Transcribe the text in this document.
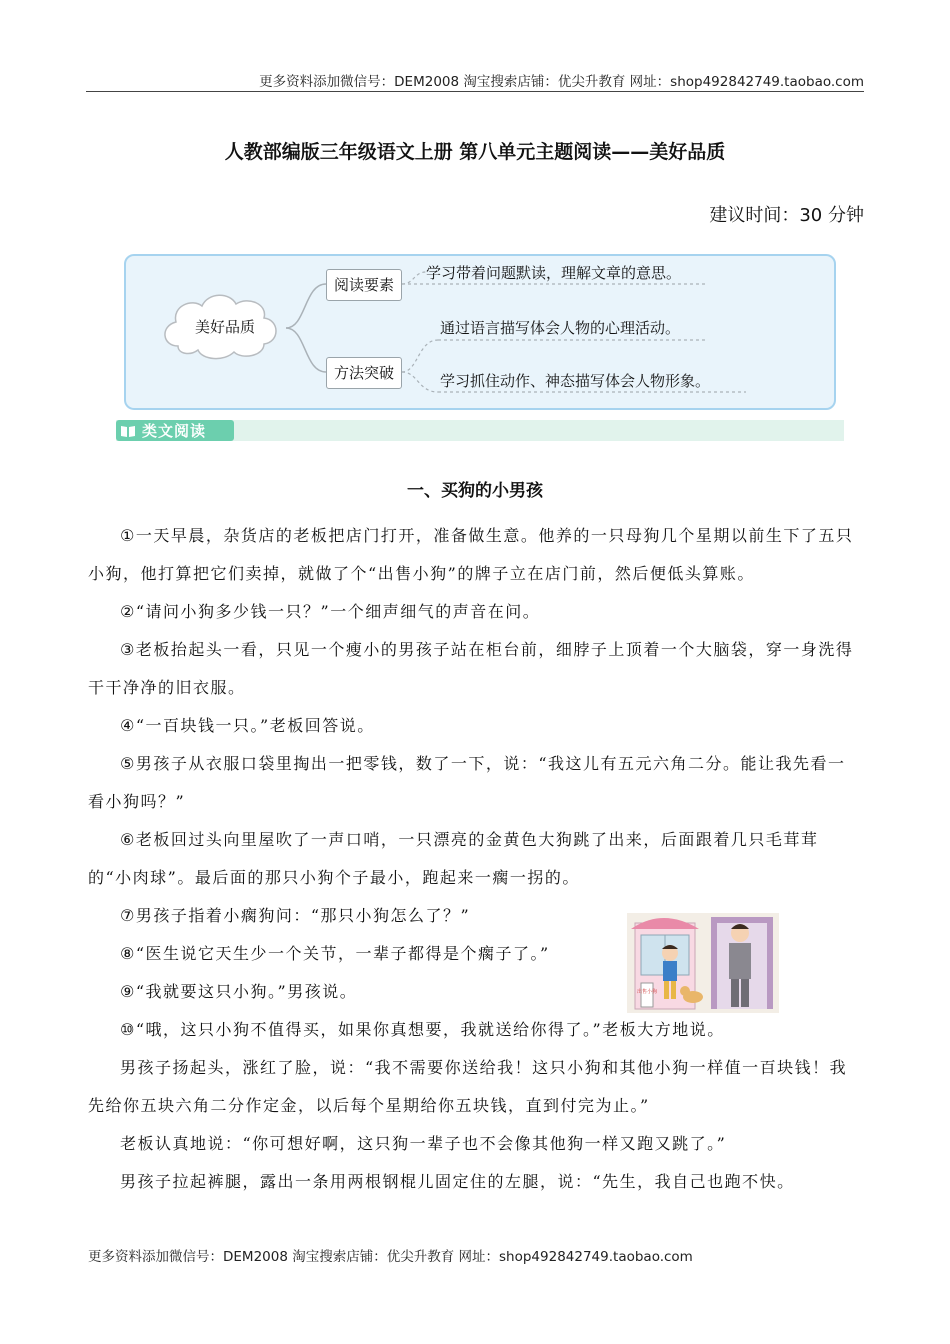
更多资料添加微信号：DEM2008 淘宝搜索店铺：优尖升教育 网址：shop492842749.taobao.com
人教部编版三年级语文上册 第八单元主题阅读——美好品质
建议时间：30 分钟
美好品质
阅读要素
方法突破
学习带着问题默读，理解文章的意思。
通过语言描写体会人物的心理活动。
学习抓住动作、神态描写体会人物形象。
类文阅读
一、买狗的小男孩

①一天早晨，杂货店的老板把店门打开，准备做生意。他养的一只母狗几个星期以前生下了五只小狗，他打算把它们卖掉，就做了个“出售小狗”的牌子立在店门前，然后便低头算账。

②“请问小狗多少钱一只？”一个细声细气的声音在问。

③老板抬起头一看，只见一个瘦小的男孩子站在柜台前，细脖子上顶着一个大脑袋，穿一身洗得干干净净的旧衣服。

④“一百块钱一只。”老板回答说。

⑤男孩子从衣服口袋里掏出一把零钱，数了一下，说：“我这儿有五元六角二分。能让我先看一看小狗吗？”

⑥老板回过头向里屋吹了一声口哨，一只漂亮的金黄色大狗跳了出来，后面跟着几只毛茸茸的“小肉球”。最后面的那只小狗个子最小，跑起来一瘸一拐的。

⑦男孩子指着小瘸狗问：“那只小狗怎么了？”

⑧“医生说它天生少一个关节，一辈子都得是个瘸子了。”

⑨“我就要这只小狗。”男孩说。

⑩“哦，这只小狗不值得买，如果你真想要，我就送给你得了。”老板大方地说。

男孩子扬起头，涨红了脸，说：“我不需要你送给我！这只小狗和其他小狗一样值一百块钱！我先给你五块六角二分作定金，以后每个星期给你五块钱，直到付完为止。”

老板认真地说：“你可想好啊，这只狗一辈子也不会像其他狗一样又跑又跳了。”

男孩子拉起裤腿，露出一条用两根钢棍儿固定住的左腿，说：“先生，我自己也跑不快。

出售小狗
更多资料添加微信号：DEM2008 淘宝搜索店铺：优尖升教育 网址：shop492842749.taobao.com
